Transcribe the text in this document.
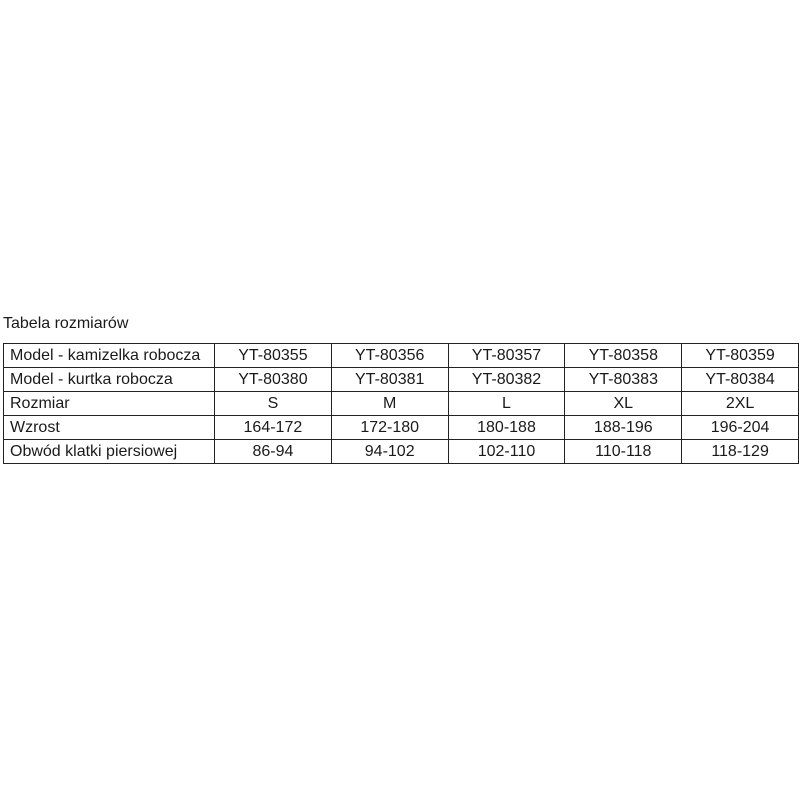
Tabela rozmiarów
Model - kamizelka robocza	YT-80355	YT-80356	YT-80357	YT-80358	YT-80359
Model - kurtka robocza	YT-80380	YT-80381	YT-80382	YT-80383	YT-80384
Rozmiar	S	M	L	XL	2XL
Wzrost	164-172	172-180	180-188	188-196	196-204
Obwód klatki piersiowej	86-94	94-102	102-110	110-118	118-129
